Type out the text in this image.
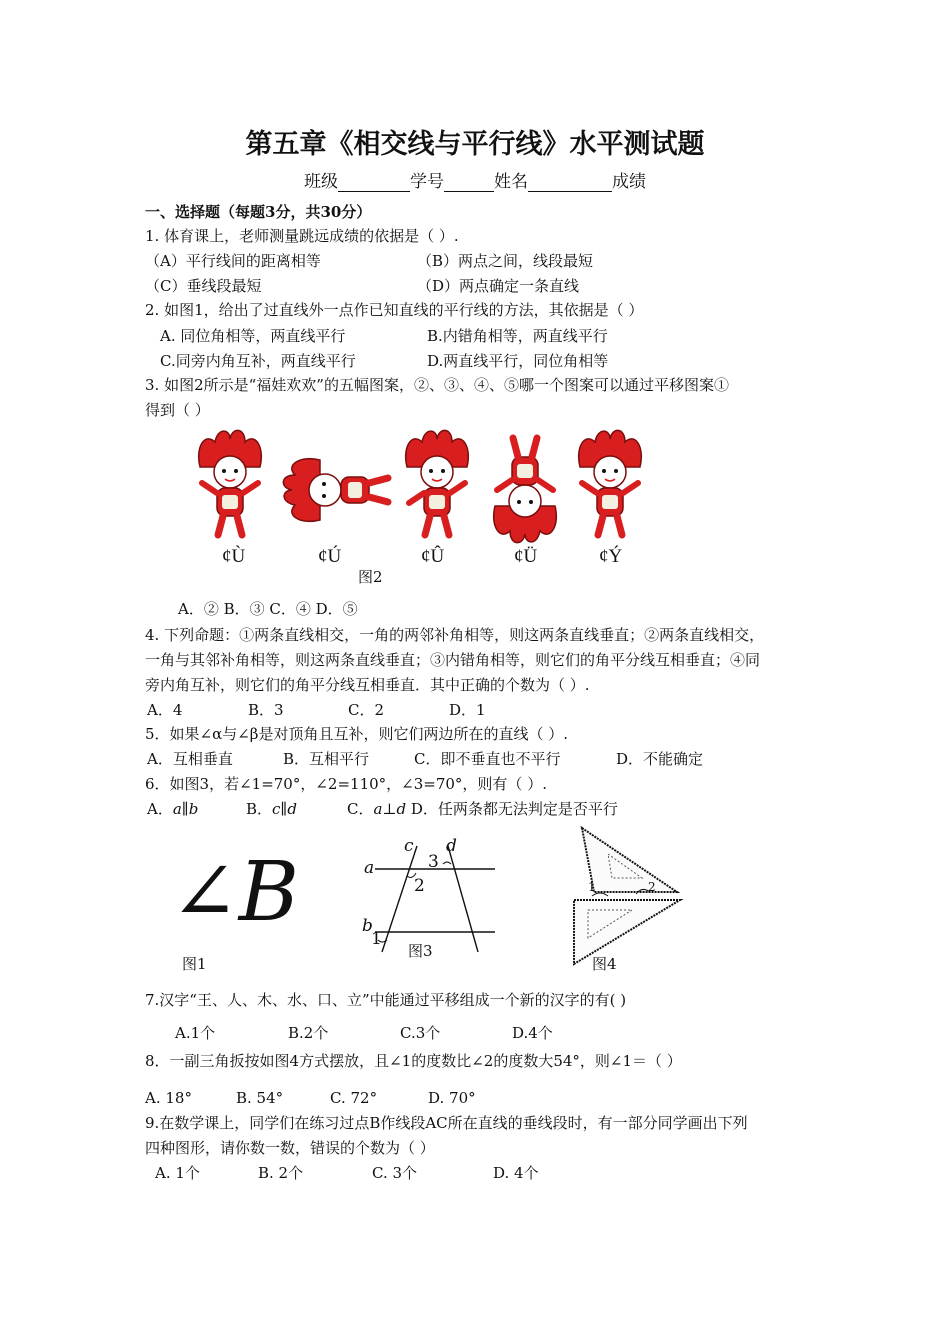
第五章《相交线与平行线》水平测试题
班级	学号	姓名	成绩
一、选择题（每题3分，共30分）
1. 体育课上，老师测量跳远成绩的依据是（ ）.
（A）平行线间的距离相等	（B）两点之间，线段最短
（C）垂线段最短	（D）两点确定一条直线
2. 如图1，给出了过直线外一点作已知直线的平行线的方法，其依据是（ ）
A. 同位角相等，两直线平行	B.内错角相等，两直线平行
C.同旁内角互补，两直线平行	D.两直线平行，同位角相等
3. 如图2所示是“福娃欢欢”的五幅图案，②、③、④、⑤哪一个图案可以通过平移图案①
得到（ ）
¢Ù	¢Ú	¢Û	¢Ü	¢Ý
图2
A．② B．③ C．④ D．⑤
4. 下列命题：①两条直线相交，一角的两邻补角相等，则这两条直线垂直；②两条直线相交，
一角与其邻补角相等，则这两条直线垂直；③内错角相等，则它们的角平分线互相垂直；④同
旁内角互补，则它们的角平分线互相垂直．其中正确的个数为（ ）.
A．4	B．3	C．2	D．1
5．如果∠α与∠β是对顶角且互补，则它们两边所在的直线（ ）.
A．互相垂直	B．互相平行	C．即不垂直也不平行	D．不能确定
6．如图3，若∠1=70°，∠2=110°，∠3=70°，则有（ ）.
A．a∥b	B．c∥d	C．a⊥d D．任两条都无法判定是否平行
∠B
图1
a
b
c d
1
2
3
图3
1	2
图4
7.汉字“王、人、木、水、口、立”中能通过平移组成一个新的汉字的有( )
A.1个	B.2个	C.3个	D.4个
8．一副三角扳按如图4方式摆放，且∠1的度数比∠2的度数大54°，则∠1＝（ ）
A. 18°	B. 54°	C. 72°	D. 70°
9.在数学课上，同学们在练习过点B作线段AC所在直线的垂线段时，有一部分同学画出下列
四种图形，请你数一数，错误的个数为（ ）
A. 1个	B. 2个	C. 3个	D. 4个
